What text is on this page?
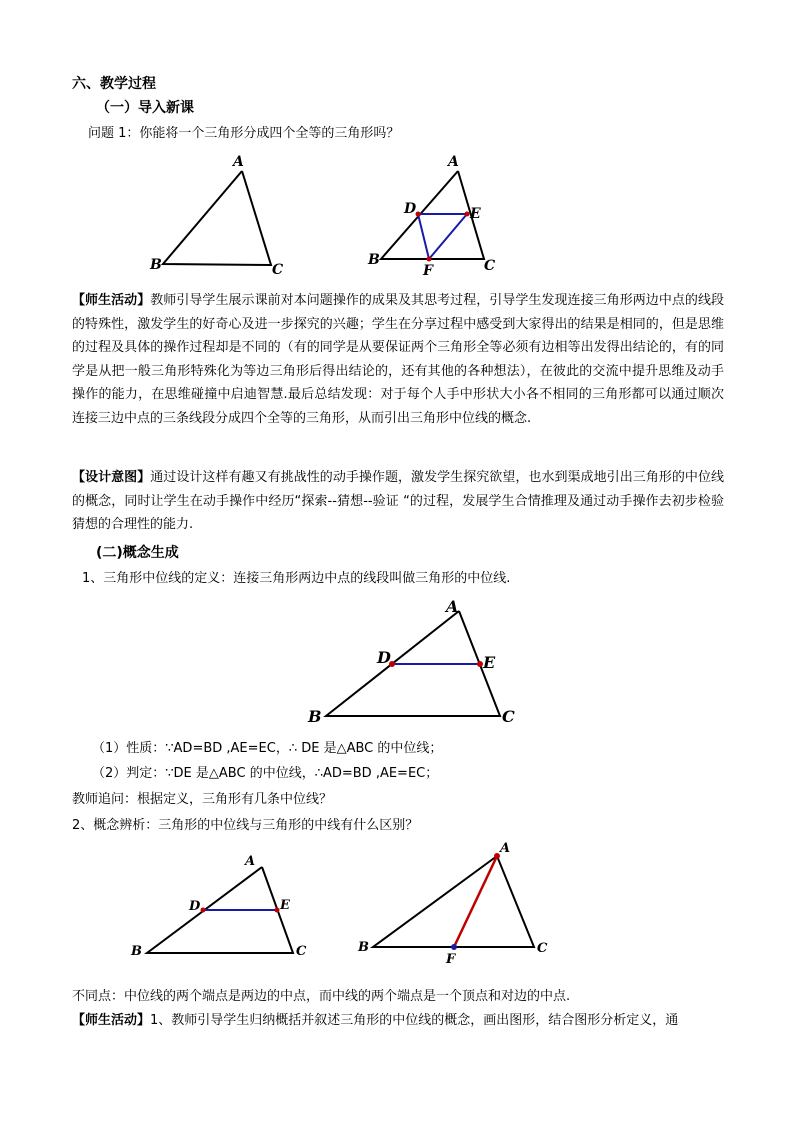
六、教学过程
（一）导入新课
问题 1：你能将一个三角形分成四个全等的三角形吗？
A
B	C
A
D	E
B
F	C
【师生活动】教师引导学生展示课前对本问题操作的成果及其思考过程，引导学生发现连接三角形两边中点的线段的特殊性，激发学生的好奇心及进一步探究的兴趣；学生在分享过程中感受到大家得出的结果是相同的，但是思维的过程及具体的操作过程却是不同的（有的同学是从要保证两个三角形全等必须有边相等出发得出结论的，有的同学是从把一般三角形特殊化为等边三角形后得出结论的，还有其他的各种想法），在彼此的交流中提升思维及动手操作的能力，在思维碰撞中启迪智慧.最后总结发现：对于每个人手中形状大小各不相同的三角形都可以通过顺次连接三边中点的三条线段分成四个全等的三角形，从而引出三角形中位线的概念.
【设计意图】通过设计这样有趣又有挑战性的动手操作题，激发学生探究欲望，也水到渠成地引出三角形的中位线的概念，同时让学生在动手操作中经历“探索--猜想--验证 “的过程，发展学生合情推理及通过动手操作去初步检验猜想的合理性的能力.
(二)概念生成
1、三角形中位线的定义：连接三角形两边中点的线段叫做三角形的中位线.
A
D	E
B	C
（1）性质：∵AD=BD ,AE=EC，∴ DE 是△ABC 的中位线；
（2）判定：∵DE 是△ABC 的中位线，∴AD=BD ,AE=EC；
教师追问：根据定义，三角形有几条中位线？
2、概念辨析：三角形的中位线与三角形的中线有什么区别？
A
D	E
B	C
A
B	C
F
不同点：中位线的两个端点是两边的中点，而中线的两个端点是一个顶点和对边的中点.
【师生活动】1、教师引导学生归纳概括并叙述三角形的中位线的概念，画出图形，结合图形分析定义，通
